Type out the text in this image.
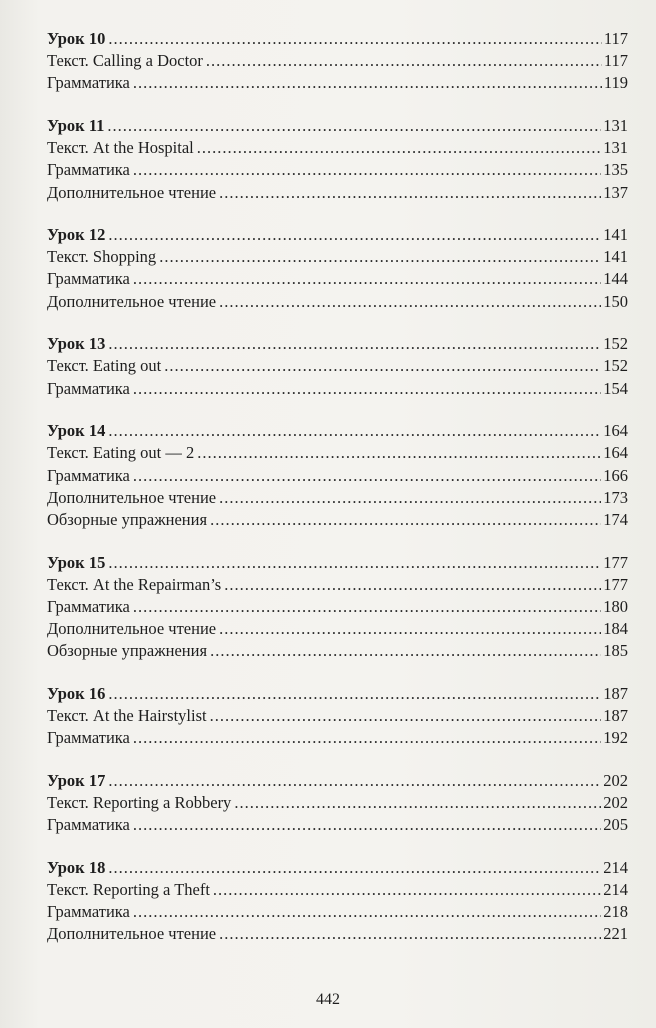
Урок 10 .....	117
Текст. Calling a Doctor .....	117
Грамматика .....	119
Урок 11 .....	131
Текст. At the Hospital .....	131
Грамматика .....	135
Дополнительное чтение .....	137
Урок 12 .....	141
Текст. Shopping .....	141
Грамматика .....	144
Дополнительное чтение .....	150
Урок 13 .....	152
Текст. Eating out .....	152
Грамматика .....	154
Урок 14 .....	164
Текст. Eating out — 2 .....	164
Грамматика .....	166
Дополнительное чтение .....	173
Обзорные упражнения .....	174
Урок 15 .....	177
Текст. At the Repairman’s .....	177
Грамматика .....	180
Дополнительное чтение .....	184
Обзорные упражнения .....	185
Урок 16 .....	187
Текст. At the Hairstylist .....	187
Грамматика .....	192
Урок 17 .....	202
Текст. Reporting a Robbery .....	202
Грамматика .....	205
Урок 18 .....	214
Текст. Reporting a Theft .....	214
Грамматика .....	218
Дополнительное чтение .....	221
442
